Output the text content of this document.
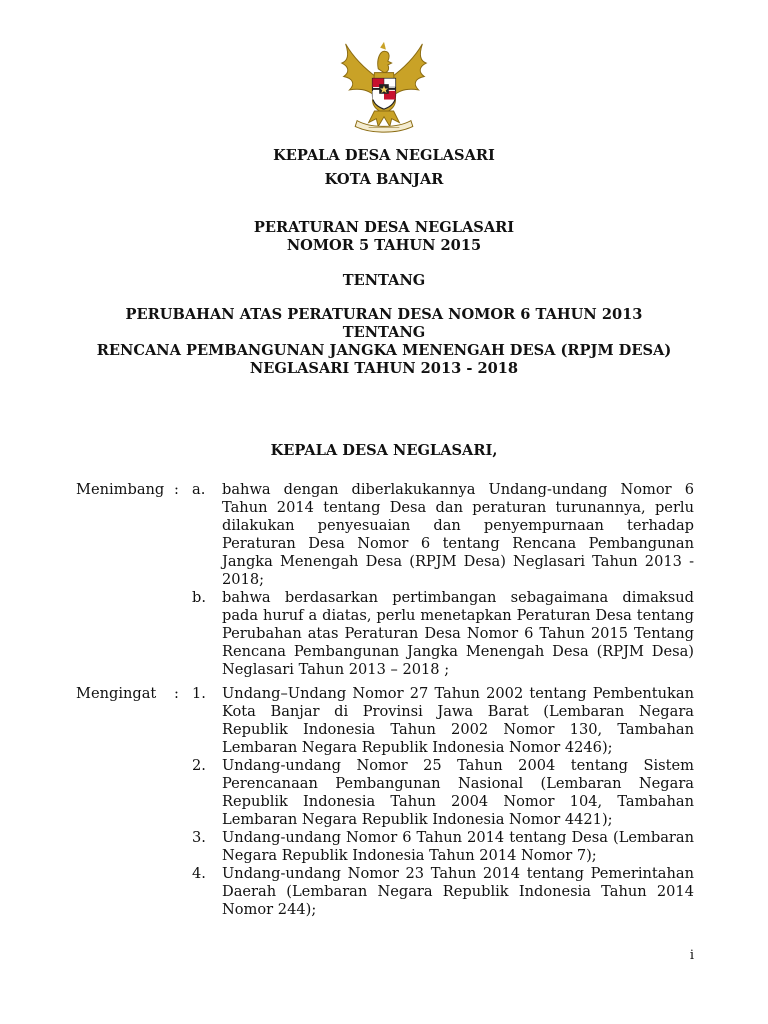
KEPALA DESA NEGLASARI
KOTA BANJAR
PERATURAN DESA NEGLASARI
NOMOR 5 TAHUN 2015
TENTANG
PERUBAHAN ATAS PERATURAN DESA NOMOR 6 TAHUN 2013
TENTANG
RENCANA PEMBANGUNAN JANGKA MENENGAH DESA (RPJM DESA)
NEGLASARI TAHUN 2013 - 2018
KEPALA DESA NEGLASARI,
Menimbang : a.	bahwa dengan diberlakukannya Undang-undang Nomor 6 Tahun 2014 tentang Desa dan peraturan turunannya, perlu dilakukan penyesuaian dan penyempurnaan terhadap Peraturan Desa Nomor 6 tentang Rencana Pembangunan Jangka Menengah Desa (RPJM Desa) Neglasari Tahun 2013 - 2018;

b.	bahwa berdasarkan pertimbangan sebagaimana dimaksud pada huruf a diatas, perlu menetapkan Peraturan Desa tentang Perubahan atas Peraturan Desa Nomor 6 Tahun 2015 Tentang Rencana Pembangunan Jangka Menengah Desa (RPJM Desa) Neglasari Tahun 2013 – 2018 ;

Mengingat	: 1.	Undang–Undang Nomor 27 Tahun 2002 tentang Pembentukan Kota Banjar di Provinsi Jawa Barat (Lembaran Negara Republik Indonesia Tahun 2002 Nomor 130, Tambahan Lembaran Negara Republik Indonesia Nomor 4246);

2.	Undang-undang Nomor 25 Tahun 2004 tentang Sistem Perencanaan Pembangunan Nasional (Lembaran Negara Republik Indonesia Tahun 2004 Nomor 104, Tambahan Lembaran Negara Republik Indonesia Nomor 4421);

3.	Undang-undang Nomor 6 Tahun 2014 tentang Desa (Lembaran Negara Republik Indonesia Tahun 2014 Nomor 7);

4.	Undang-undang Nomor 23 Tahun 2014 tentang Pemerintahan Daerah (Lembaran Negara Republik Indonesia Tahun 2014 Nomor 244);

i
